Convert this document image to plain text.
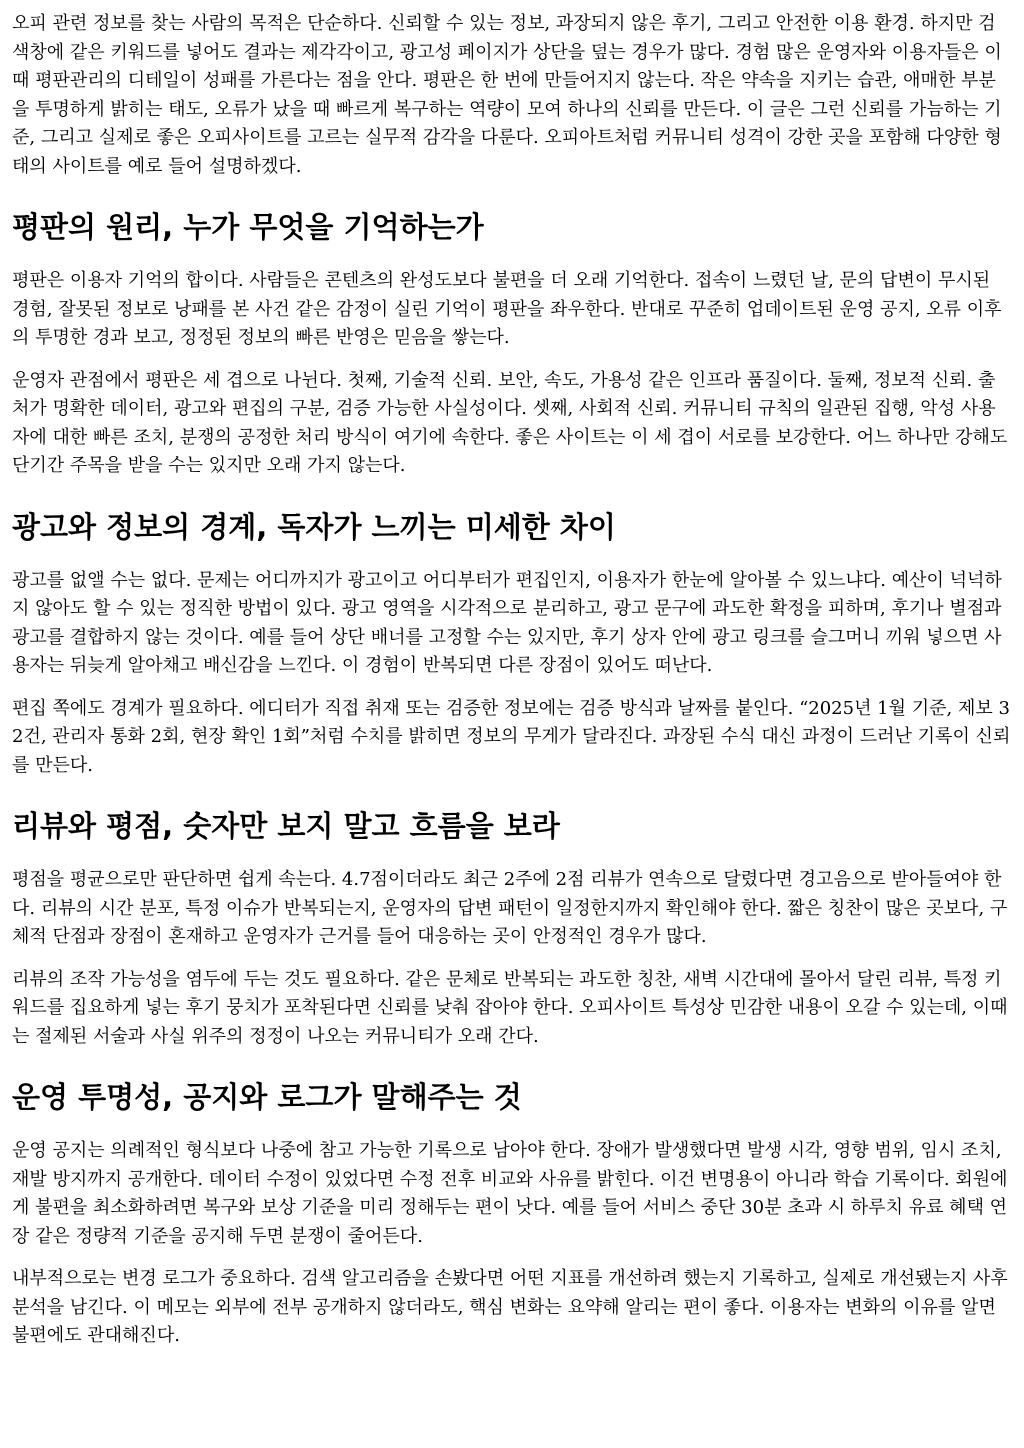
오피 관련 정보를 찾는 사람의 목적은 단순하다. 신뢰할 수 있는 정보, 과장되지 않은 후기, 그리고 안전한 이용 환경. 하지만 검색창에 같은 키워드를 넣어도 결과는 제각각이고, 광고성 페이지가 상단을 덮는 경우가 많다. 경험 많은 운영자와 이용자들은 이때 평판관리의 디테일이 성패를 가른다는 점을 안다. 평판은 한 번에 만들어지지 않는다. 작은 약속을 지키는 습관, 애매한 부분을 투명하게 밝히는 태도, 오류가 났을 때 빠르게 복구하는 역량이 모여 하나의 신뢰를 만든다. 이 글은 그런 신뢰를 가늠하는 기준, 그리고 실제로 좋은 오피사이트를 고르는 실무적 감각을 다룬다. 오피아트처럼 커뮤니티 성격이 강한 곳을 포함해 다양한 형태의 사이트를 예로 들어 설명하겠다.

평판의 원리, 누가 무엇을 기억하는가

평판은 이용자 기억의 합이다. 사람들은 콘텐츠의 완성도보다 불편을 더 오래 기억한다. 접속이 느렸던 날, 문의 답변이 무시된 경험, 잘못된 정보로 낭패를 본 사건 같은 감정이 실린 기억이 평판을 좌우한다. 반대로 꾸준히 업데이트된 운영 공지, 오류 이후의 투명한 경과 보고, 정정된 정보의 빠른 반영은 믿음을 쌓는다.

운영자 관점에서 평판은 세 겹으로 나뉜다. 첫째, 기술적 신뢰. 보안, 속도, 가용성 같은 인프라 품질이다. 둘째, 정보적 신뢰. 출처가 명확한 데이터, 광고와 편집의 구분, 검증 가능한 사실성이다. 셋째, 사회적 신뢰. 커뮤니티 규칙의 일관된 집행, 악성 사용자에 대한 빠른 조치, 분쟁의 공정한 처리 방식이 여기에 속한다. 좋은 사이트는 이 세 겹이 서로를 보강한다. 어느 하나만 강해도 단기간 주목을 받을 수는 있지만 오래 가지 않는다.

광고와 정보의 경계, 독자가 느끼는 미세한 차이

광고를 없앨 수는 없다. 문제는 어디까지가 광고이고 어디부터가 편집인지, 이용자가 한눈에 알아볼 수 있느냐다. 예산이 넉넉하지 않아도 할 수 있는 정직한 방법이 있다. 광고 영역을 시각적으로 분리하고, 광고 문구에 과도한 확정을 피하며, 후기나 별점과 광고를 결합하지 않는 것이다. 예를 들어 상단 배너를 고정할 수는 있지만, 후기 상자 안에 광고 링크를 슬그머니 끼워 넣으면 사용자는 뒤늦게 알아채고 배신감을 느낀다. 이 경험이 반복되면 다른 장점이 있어도 떠난다.

편집 쪽에도 경계가 필요하다. 에디터가 직접 취재 또는 검증한 정보에는 검증 방식과 날짜를 붙인다. “2025년 1월 기준, 제보 32건, 관리자 통화 2회, 현장 확인 1회”처럼 수치를 밝히면 정보의 무게가 달라진다. 과장된 수식 대신 과정이 드러난 기록이 신뢰를 만든다.

리뷰와 평점, 숫자만 보지 말고 흐름을 보라

평점을 평균으로만 판단하면 쉽게 속는다. 4.7점이더라도 최근 2주에 2점 리뷰가 연속으로 달렸다면 경고음으로 받아들여야 한다. 리뷰의 시간 분포, 특정 이슈가 반복되는지, 운영자의 답변 패턴이 일정한지까지 확인해야 한다. 짧은 칭찬이 많은 곳보다, 구체적 단점과 장점이 혼재하고 운영자가 근거를 들어 대응하는 곳이 안정적인 경우가 많다.

리뷰의 조작 가능성을 염두에 두는 것도 필요하다. 같은 문체로 반복되는 과도한 칭찬, 새벽 시간대에 몰아서 달린 리뷰, 특정 키워드를 집요하게 넣는 후기 뭉치가 포착된다면 신뢰를 낮춰 잡아야 한다. 오피사이트 특성상 민감한 내용이 오갈 수 있는데, 이때는 절제된 서술과 사실 위주의 정정이 나오는 커뮤니티가 오래 간다.

운영 투명성, 공지와 로그가 말해주는 것

운영 공지는 의례적인 형식보다 나중에 참고 가능한 기록으로 남아야 한다. 장애가 발생했다면 발생 시각, 영향 범위, 임시 조치, 재발 방지까지 공개한다. 데이터 수정이 있었다면 수정 전후 비교와 사유를 밝힌다. 이건 변명용이 아니라 학습 기록이다. 회원에게 불편을 최소화하려면 복구와 보상 기준을 미리 정해두는 편이 낫다. 예를 들어 서비스 중단 30분 초과 시 하루치 유료 혜택 연장 같은 정량적 기준을 공지해 두면 분쟁이 줄어든다.

내부적으로는 변경 로그가 중요하다. 검색 알고리즘을 손봤다면 어떤 지표를 개선하려 했는지 기록하고, 실제로 개선됐는지 사후 분석을 남긴다. 이 메모는 외부에 전부 공개하지 않더라도, 핵심 변화는 요약해 알리는 편이 좋다. 이용자는 변화의 이유를 알면 불편에도 관대해진다.
